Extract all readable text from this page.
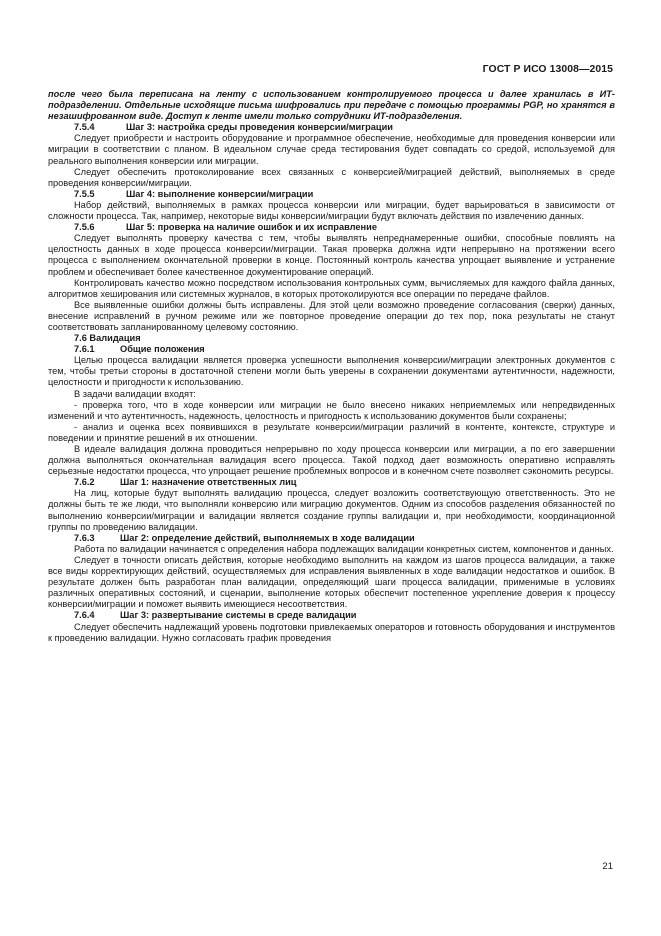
ГОСТ Р ИСО 13008—2015

после чего была переписана на ленту с использованием контролируемого процесса и далее хранилась в ИТ-подразделении. Отдельные исходящие письма шифровались при передаче с помощью программы PGP, но хранятся в незашифрованном виде. Доступ к ленте имели только сотрудники ИТ-подразделения.

7.5.4	Шаг 3: настройка среды проведения конверсии/миграции

Следует приобрести и настроить оборудование и программное обеспечение, необходимые для проведения конверсии или миграции в соответствии с планом. В идеальном случае среда тестирования будет совпадать со средой, используемой для реального выполнения конверсии или миграции.

Следует обеспечить протоколирование всех связанных с конверсией/миграцией действий, выполняемых в среде проведения конверсии/миграции.

7.5.5	Шаг 4: выполнение конверсии/миграции

Набор действий, выполняемых в рамках процесса конверсии или миграции, будет варьироваться в зависимости от сложности процесса. Так, например, некоторые виды конверсии/миграции будут включать действия по извлечению данных.

7.5.6	Шаг 5: проверка на наличие ошибок и их исправление

Следует выполнять проверку качества с тем, чтобы выявлять непреднамеренные ошибки, способные повлиять на целостность данных в ходе процесса конверсии/миграции. Такая проверка должна идти непрерывно на протяжении всего процесса с выполнением окончательной проверки в конце. Постоянный контроль качества упрощает выявление и устранение проблем и обеспечивает более качественное документирование операций.

Контролировать качество можно посредством использования контрольных сумм, вычисляемых для каждого файла данных, алгоритмов хеширования или системных журналов, в которых протоколируются все операции по передаче файлов.

Все выявленные ошибки должны быть исправлены. Для этой цели возможно проведение согласования (сверки) данных, внесение исправлений в ручном режиме или же повторное проведение операции до тех пор, пока результаты не станут соответствовать запланированному целевому состоянию.

7.6 Валидация

7.6.1	Общие положения

Целью процесса валидации является проверка успешности выполнения конверсии/миграции электронных документов с тем, чтобы третьи стороны в достаточной степени могли быть уверены в сохранении документами аутентичности, надежности, целостности и пригодности к использованию.

В задачи валидации входят:

- проверка того, что в ходе конверсии или миграции не было внесено никаких неприемлемых или непредвиденных изменений и что аутентичность, надежность, целостность и пригодность к использованию документов были сохранены;

- анализ и оценка всех появившихся в результате конверсии/миграции различий в контенте, контексте, структуре и поведении и принятие решений в их отношении.

В идеале валидация должна проводиться непрерывно по ходу процесса конверсии или миграции, а по его завершении должна выполняться окончательная валидация всего процесса. Такой подход дает возможность оперативно исправлять серьезные недостатки процесса, что упрощает решение проблемных вопросов и в конечном счете позволяет сэкономить ресурсы.

7.6.2	Шаг 1: назначение ответственных лиц

На лиц, которые будут выполнять валидацию процесса, следует возложить соответствующую ответственность. Это не должны быть те же люди, что выполняли конверсию или миграцию документов. Одним из способов разделения обязанностей по выполнению конверсии/миграции и валидации является создание группы валидации и, при необходимости, координационной группы по проведению валидации.

7.6.3	Шаг 2: определение действий, выполняемых в ходе валидации

Работа по валидации начинается с определения набора подлежащих валидации конкретных систем, компонентов и данных.

Следует в точности описать действия, которые необходимо выполнить на каждом из шагов процесса валидации, а также все виды корректирующих действий, осуществляемых для исправления выявленных в ходе валидации недостатков и ошибок. В результате должен быть разработан план валидации, определяющий шаги процесса валидации, применимые в условиях различных оперативных состояний, и сценарии, выполнение которых обеспечит постепенное укрепление доверия к процессу конверсии/миграции и поможет выявить имеющиеся несоответствия.

7.6.4	Шаг 3: развертывание системы в среде валидации

Следует обеспечить надлежащий уровень подготовки привлекаемых операторов и готовность оборудования и инструментов к проведению валидации. Нужно согласовать график проведения

21
